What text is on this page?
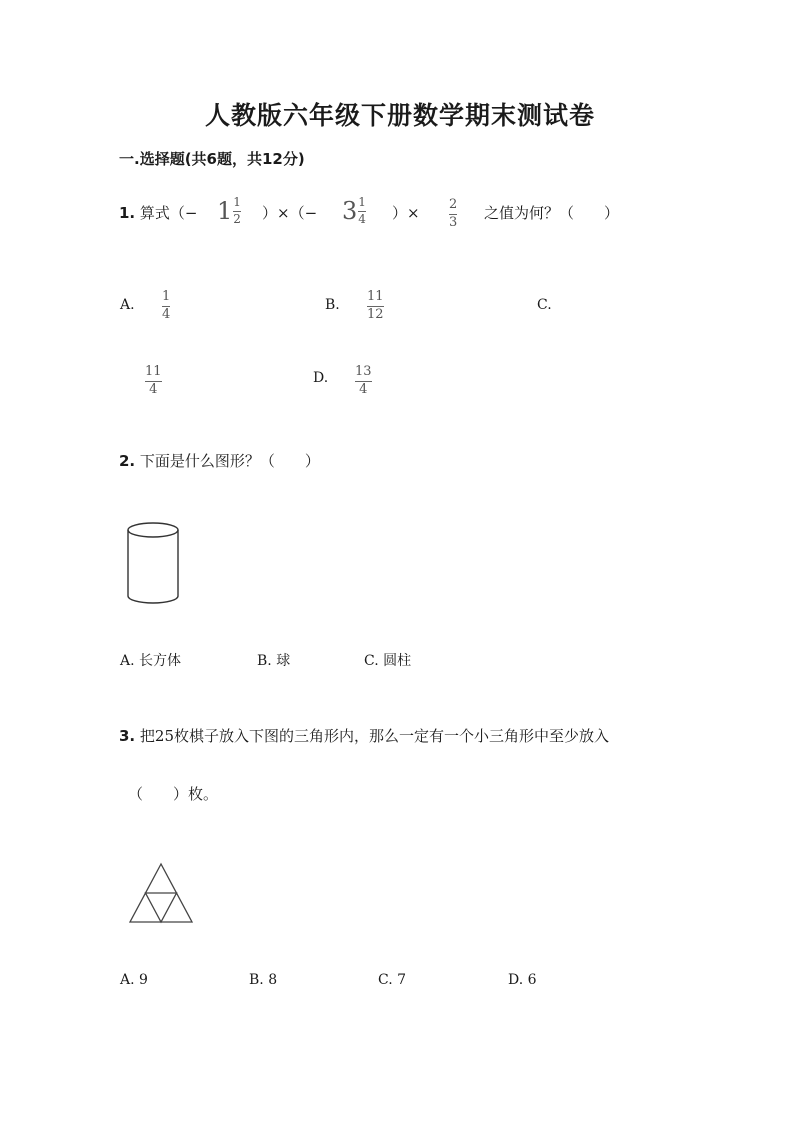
人教版六年级下册数学期末测试卷
一.选择题(共6题，共12分)
1. 算式（− $1 \frac{1}{2}$ ）×（− $3 \frac{1}{4}$ ）× 2
3
之值为何？（　　）
A.
1
4
B.
11
12
C.
11
4
D. 13
4
2. 下面是什么图形？（　　）
A. 长方体	B. 球	C. 圆柱
3. 把25枚棋子放入下图的三角形内，那么一定有一个小三角形中至少放入
（　　）枚。
A. 9	B. 8	C. 7	D. 6
